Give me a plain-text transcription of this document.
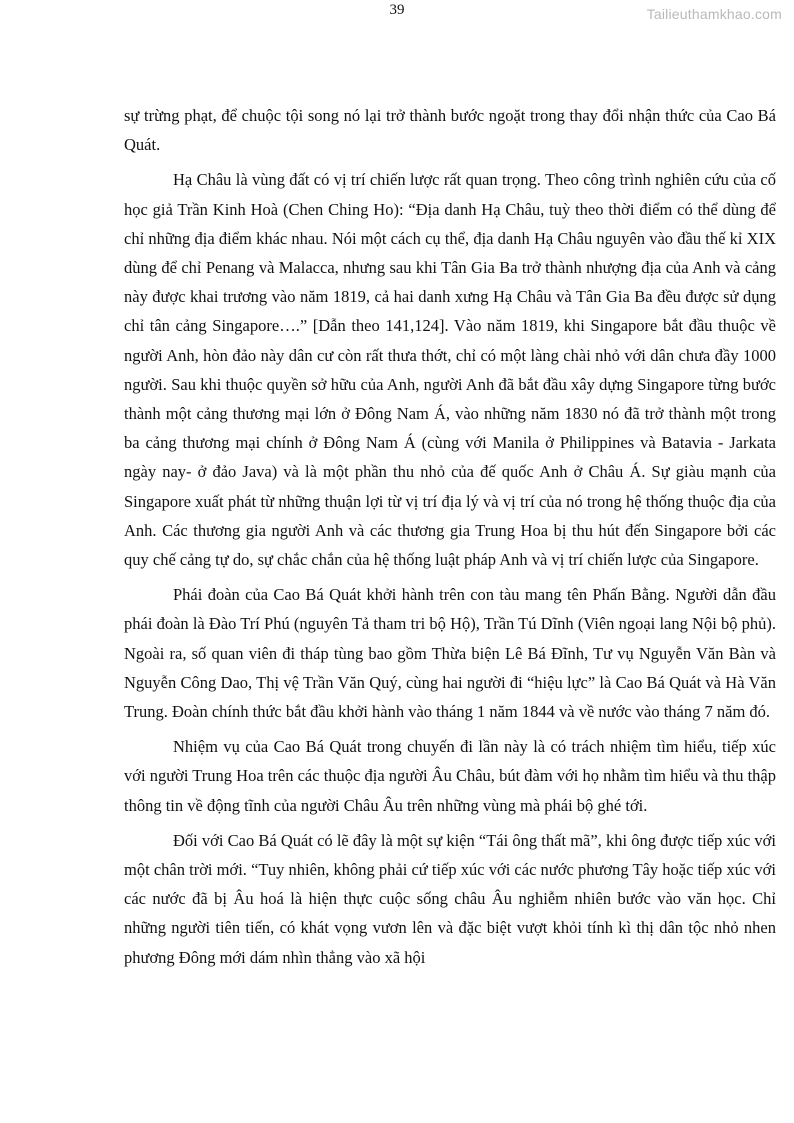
39	Tailieuthamkhao.com

sự trừng phạt, để chuộc tội song nó lại trở thành bước ngoặt trong thay đổi nhận thức của Cao Bá Quát.

Hạ Châu là vùng đất có vị trí chiến lược rất quan trọng. Theo công trình nghiên cứu của cố học giả Trần Kinh Hoà (Chen Ching Ho): “Địa danh Hạ Châu, tuỳ theo thời điểm có thể dùng để chỉ những địa điểm khác nhau. Nói một cách cụ thể, địa danh Hạ Châu nguyên vào đầu thế kỉ XIX dùng để chỉ Penang và Malacca, nhưng sau khi Tân Gia Ba trở thành nhượng địa của Anh và cảng này được khai trương vào năm 1819, cả hai danh xưng Hạ Châu và Tân Gia Ba đều được sử dụng chỉ tân cảng Singapore….” [Dẫn theo 141,124]. Vào năm 1819, khi Singapore bắt đầu thuộc về người Anh, hòn đảo này dân cư còn rất thưa thớt, chỉ có một làng chài nhỏ với dân chưa đầy 1000 người. Sau khi thuộc quyền sở hữu của Anh, người Anh đã bắt đầu xây dựng Singapore từng bước thành một cảng thương mại lớn ở Đông Nam Á, vào những năm 1830 nó đã trở thành một trong ba cảng thương mại chính ở Đông Nam Á (cùng với Manila ở Philippines và Batavia - Jarkata ngày nay- ở đảo Java) và là một phần thu nhỏ của đế quốc Anh ở Châu Á. Sự giàu mạnh của Singapore xuất phát từ những thuận lợi từ vị trí địa lý và vị trí của nó trong hệ thống thuộc địa của Anh. Các thương gia người Anh và các thương gia Trung Hoa bị thu hút đến Singapore bởi các quy chế cảng tự do, sự chắc chắn của hệ thống luật pháp Anh và vị trí chiến lược của Singapore.

Phái đoàn của Cao Bá Quát khởi hành trên con tàu mang tên Phấn Bằng. Người dẫn đầu phái đoàn là Đào Trí Phú (nguyên Tả tham tri bộ Hộ), Trần Tú Dĩnh (Viên ngoại lang Nội bộ phủ). Ngoài ra, số quan viên đi tháp tùng bao gồm Thừa biện Lê Bá Đĩnh, Tư vụ Nguyễn Văn Bàn và Nguyễn Công Dao, Thị vệ Trần Văn Quý, cùng hai người đi “hiệu lực” là Cao Bá Quát và Hà Văn Trung. Đoàn chính thức bắt đầu khởi hành vào tháng 1 năm 1844 và về nước vào tháng 7 năm đó.

Nhiệm vụ của Cao Bá Quát trong chuyến đi lần này là có trách nhiệm tìm hiểu, tiếp xúc với người Trung Hoa trên các thuộc địa người Âu Châu, bút đàm với họ nhằm tìm hiểu và thu thập thông tin về động tĩnh của người Châu Âu trên những vùng mà phái bộ ghé tới.

Đối với Cao Bá Quát có lẽ đây là một sự kiện “Tái ông thất mã”, khi ông được tiếp xúc với một chân trời mới. “Tuy nhiên, không phải cứ tiếp xúc với các nước phương Tây hoặc tiếp xúc với các nước đã bị Âu hoá là hiện thực cuộc sống châu Âu nghiễm nhiên bước vào văn học. Chỉ những người tiên tiến, có khát vọng vươn lên và đặc biệt vượt khỏi tính kì thị dân tộc nhỏ nhen phương Đông mới dám nhìn thẳng vào xã hội
